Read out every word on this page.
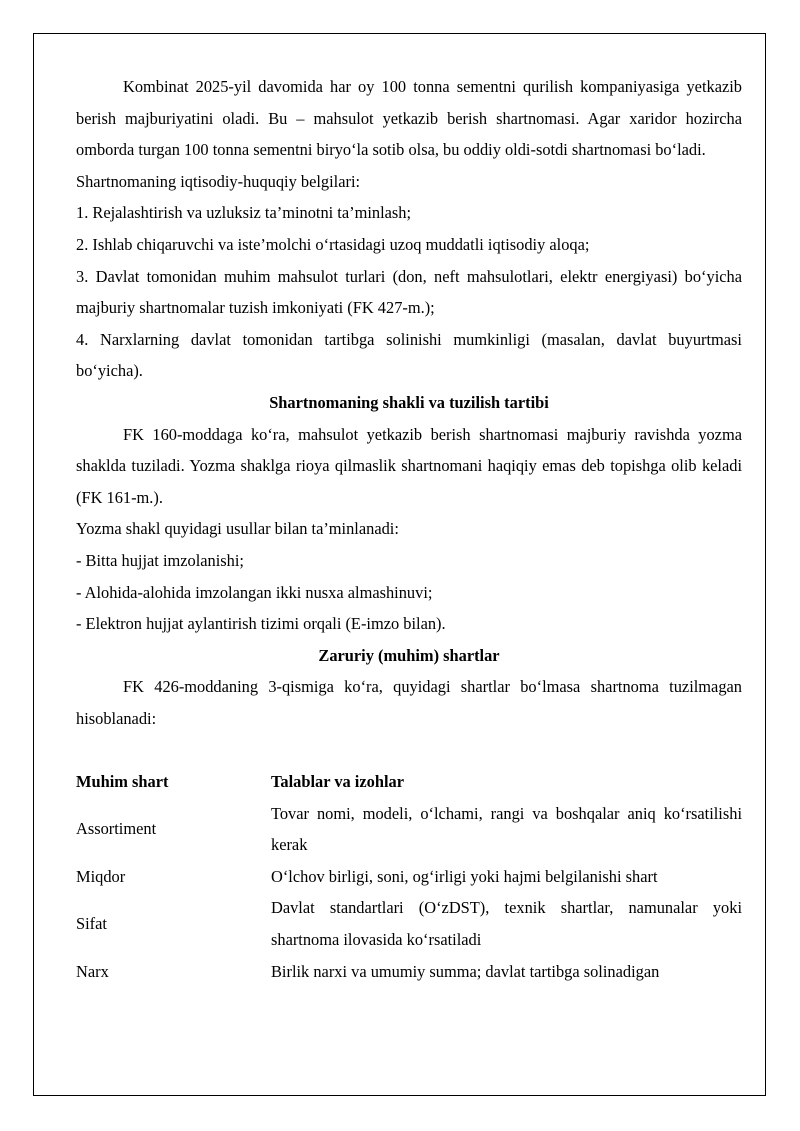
Kombinat 2025-yil davomida har oy 100 tonna sementni qurilish kompaniyasiga yetkazib berish majburiyatini oladi. Bu – mahsulot yetkazib berish shartnomasi. Agar xaridor hozircha omborda turgan 100 tonna sementni biryo‘la sotib olsa, bu oddiy oldi-sotdi shartnomasi bo‘ladi.

Shartnomaning iqtisodiy-huquqiy belgilari:

1. Rejalashtirish va uzluksiz ta’minotni ta’minlash;

2. Ishlab chiqaruvchi va iste’molchi o‘rtasidagi uzoq muddatli iqtisodiy aloqa;

3. Davlat tomonidan muhim mahsulot turlari (don, neft mahsulotlari, elektr energiyasi) bo‘yicha majburiy shartnomalar tuzish imkoniyati (FK 427-m.);

4. Narxlarning davlat tomonidan tartibga solinishi mumkinligi (masalan, davlat buyurtmasi bo‘yicha).

Shartnomaning shakli va tuzilish tartibi

FK 160-moddaga ko‘ra, mahsulot yetkazib berish shartnomasi majburiy ravishda yozma shaklda tuziladi. Yozma shaklga rioya qilmaslik shartnomani haqiqiy emas deb topishga olib keladi (FK 161-m.).

Yozma shakl quyidagi usullar bilan ta’minlanadi:

- Bitta hujjat imzolanishi;

- Alohida-alohida imzolangan ikki nusxa almashinuvi;

- Elektron hujjat aylantirish tizimi orqali (E-imzo bilan).

Zaruriy (muhim) shartlar

FK 426-moddaning 3-qismiga ko‘ra, quyidagi shartlar bo‘lmasa shartnoma tuzilmagan hisoblanadi:

Muhim shart	Talablar va izohlar
Assortiment	Tovar nomi, modeli, o‘lchami, rangi va boshqalar aniq ko‘rsatilishi kerak
Miqdor	O‘lchov birligi, soni, og‘irligi yoki hajmi belgilanishi shart
Sifat	Davlat standartlari (O‘zDST), texnik shartlar, namunalar yoki shartnoma ilovasida ko‘rsatiladi
Narx	Birlik narxi va umumiy summa; davlat tartibga solinadigan
